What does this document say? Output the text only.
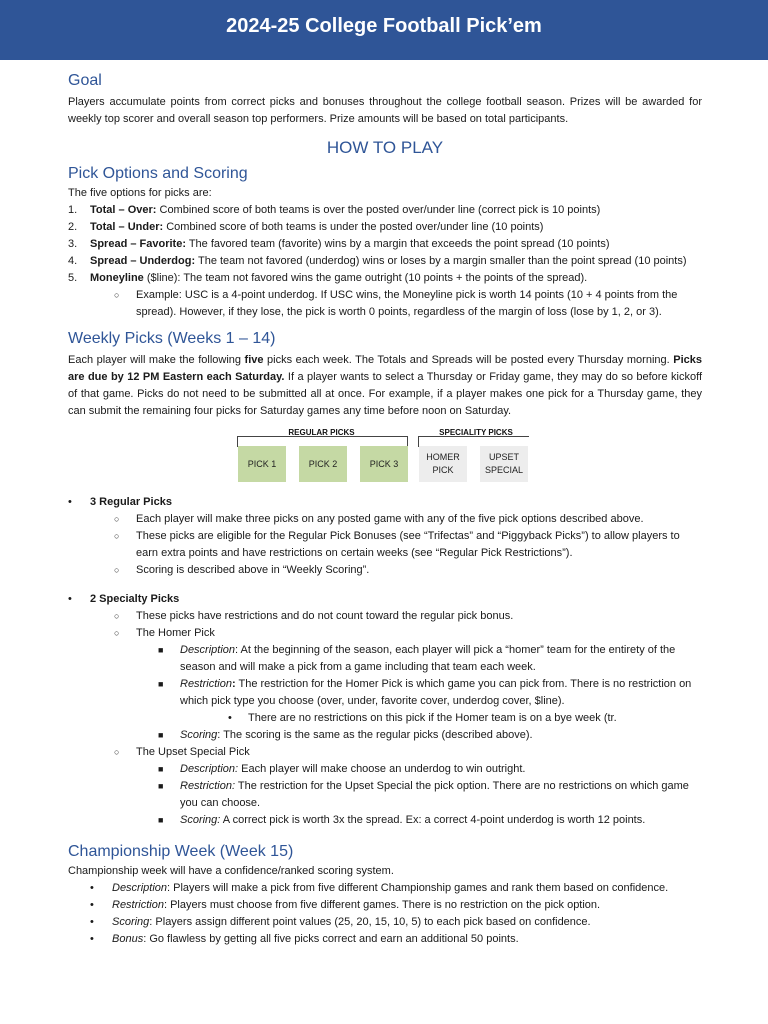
2024-25 College Football Pick’em
Goal

Players accumulate points from correct picks and bonuses throughout the college football season. Prizes will be awarded for weekly top scorer and overall season top performers. Prize amounts will be based on total participants.

HOW TO PLAY
Pick Options and Scoring

The five options for picks are:

1.	Total – Over: Combined score of both teams is over the posted over/under line (correct pick is 10 points)
2.	Total – Under: Combined score of both teams is under the posted over/under line (10 points)
3.	Spread – Favorite: The favored team (favorite) wins by a margin that exceeds the point spread (10 points)
4.	Spread – Underdog: The team not favored (underdog) wins or loses by a margin smaller than the point spread (10 points)
5.	Moneyline ($line): The team not favored wins the game outright (10 points + the points of the spread).
○	Example: USC is a 4-point underdog. If USC wins, the Moneyline pick is worth 14 points (10 + 4 points from the spread). However, if they lose, the pick is worth 0 points, regardless of the margin of loss (lose by 1, 2, or 3).
Weekly Picks (Weeks 1 – 14)

Each player will make the following five picks each week. The Totals and Spreads will be posted every Thursday morning. Picks are due by 12 PM Eastern each Saturday. If a player wants to select a Thursday or Friday game, they may do so before kickoff of that game. Picks do not need to be submitted all at once. For example, if a player makes one pick for a Thursday game, they can submit the remaining four picks for Saturday games any time before noon on Saturday.

REGULAR PICKS	SPECIALITY PICKS
PICK 1	PICK 2	PICK 3
HOMER
PICK
UPSET
SPECIAL
•	3 Regular Picks
○	Each player will make three picks on any posted game with any of the five pick options described above.
○	These picks are eligible for the Regular Pick Bonuses (see “Trifectas” and “Piggyback Picks”) to allow players to earn extra points and have restrictions on certain weeks (see “Regular Pick Restrictions”).
○	Scoring is described above in “Weekly Scoring”.
•	2 Specialty Picks
○	These picks have restrictions and do not count toward the regular pick bonus.
○	The Homer Pick
■	Description: At the beginning of the season, each player will pick a “homer” team for the entirety of the season and will make a pick from a game including that team each week.
■	Restriction: The restriction for the Homer Pick is which game you can pick from. There is no restriction on which pick type you choose (over, under, favorite cover, underdog cover, $line).
•	There are no restrictions on this pick if the Homer team is on a bye week (tr.
■	Scoring: The scoring is the same as the regular picks (described above).
○	The Upset Special Pick
■	Description: Each player will make choose an underdog to win outright.
■	Restriction: The restriction for the Upset Special the pick option. There are no restrictions on which game you can choose.
■	Scoring: A correct pick is worth 3x the spread. Ex: a correct 4-point underdog is worth 12 points.
Championship Week (Week 15)

Championship week will have a confidence/ranked scoring system.

•	Description: Players will make a pick from five different Championship games and rank them based on confidence.
•	Restriction: Players must choose from five different games. There is no restriction on the pick option.
•	Scoring: Players assign different point values (25, 20, 15, 10, 5) to each pick based on confidence.
•	Bonus: Go flawless by getting all five picks correct and earn an additional 50 points.
